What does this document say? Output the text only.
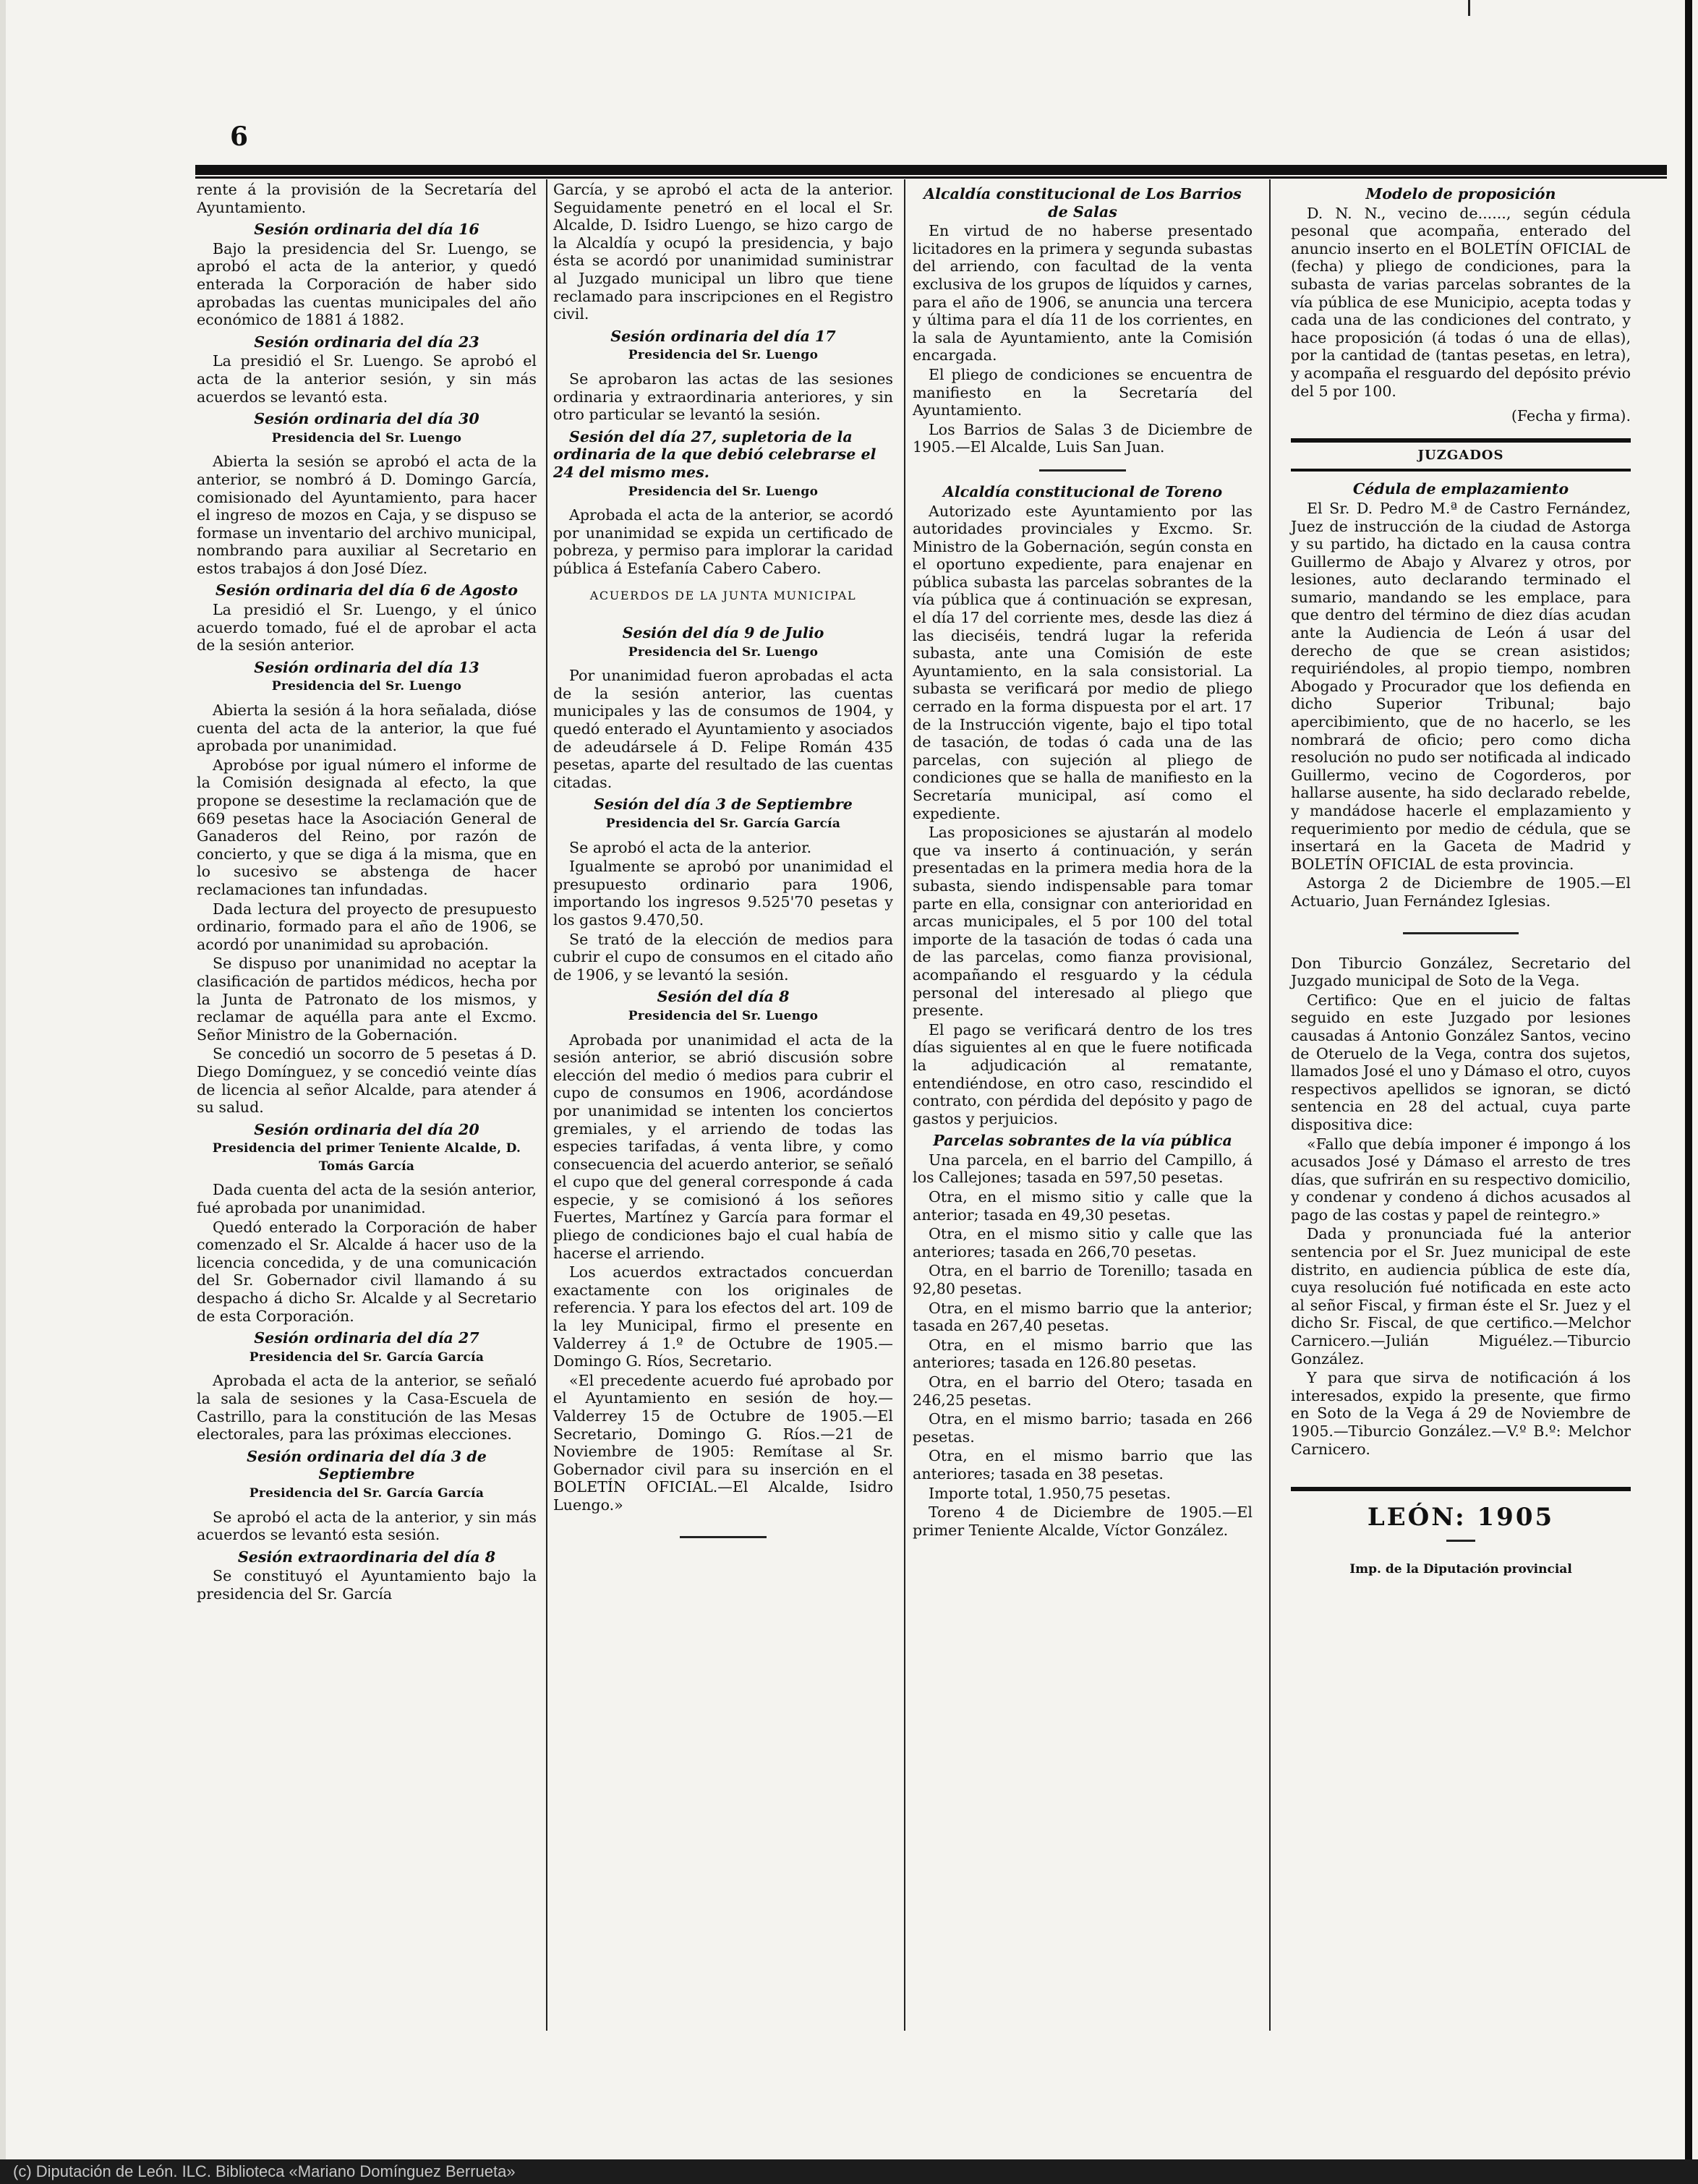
6

rente á la provisión de la Secretaría del Ayuntamiento.

Sesión ordinaria del día 16

Bajo la presidencia del Sr. Luengo, se aprobó el acta de la anterior, y quedó enterada la Corporación de haber sido aprobadas las cuentas municipales del año económico de 1881 á 1882.

Sesión ordinaria del día 23

La presidió el Sr. Luengo. Se aprobó el acta de la anterior sesión, y sin más acuerdos se levantó esta.

Sesión ordinaria del día 30
Presidencia del Sr. Luengo

Abierta la sesión se aprobó el acta de la anterior, se nombró á D. Domingo García, comisionado del Ayuntamiento, para hacer el ingreso de mozos en Caja, y se dispuso se formase un inventario del archivo municipal, nombrando para auxiliar al Secretario en estos trabajos á don José Díez.

Sesión ordinaria del día 6 de Agosto

La presidió el Sr. Luengo, y el único acuerdo tomado, fué el de aprobar el acta de la sesión anterior.

Sesión ordinaria del día 13
Presidencia del Sr. Luengo

Abierta la sesión á la hora señalada, dióse cuenta del acta de la anterior, la que fué aprobada por unanimidad.

Aprobóse por igual número el informe de la Comisión designada al efecto, la que propone se desestime la reclamación que de 669 pesetas hace la Asociación General de Ganaderos del Reino, por razón de concierto, y que se diga á la misma, que en lo sucesivo se abstenga de hacer reclamaciones tan infundadas.

Dada lectura del proyecto de presupuesto ordinario, formado para el año de 1906, se acordó por unanimidad su aprobación.

Se dispuso por unanimidad no aceptar la clasificación de partidos médicos, hecha por la Junta de Patronato de los mismos, y reclamar de aquélla para ante el Excmo. Señor Ministro de la Gobernación.

Se concedió un socorro de 5 pesetas á D. Diego Domínguez, y se concedió veinte días de licencia al señor Alcalde, para atender á su salud.

Sesión ordinaria del día 20
Presidencia del primer Teniente Alcalde, D. Tomás García

Dada cuenta del acta de la sesión anterior, fué aprobada por unanimidad.

Quedó enterado la Corporación de haber comenzado el Sr. Alcalde á hacer uso de la licencia concedida, y de una comunicación del Sr. Gobernador civil llamando á su despacho á dicho Sr. Alcalde y al Secretario de esta Corporación.

Sesión ordinaria del día 27
Presidencia del Sr. García García

Aprobada el acta de la anterior, se señaló la sala de sesiones y la Casa-Escuela de Castrillo, para la constitución de las Mesas electorales, para las próximas elecciones.

Sesión ordinaria del día 3 de Septiembre
Presidencia del Sr. García García

Se aprobó el acta de la anterior, y sin más acuerdos se levantó esta sesión.

Sesión extraordinaria del día 8

Se constituyó el Ayuntamiento bajo la presidencia del Sr. García

García, y se aprobó el acta de la anterior. Seguidamente penetró en el local el Sr. Alcalde, D. Isidro Luengo, se hizo cargo de la Alcaldía y ocupó la presidencia, y bajo ésta se acordó por unanimidad suministrar al Juzgado municipal un libro que tiene reclamado para inscripciones en el Registro civil.

Sesión ordinaria del día 17
Presidencia del Sr. Luengo

Se aprobaron las actas de las sesiones ordinaria y extraordinaria anteriores, y sin otro particular se levantó la sesión.

Sesión del día 27, supletoria de la ordinaria de la que debió celebrarse el 24 del mismo mes.
Presidencia del Sr. Luengo

Aprobada el acta de la anterior, se acordó por unanimidad se expida un certificado de pobreza, y permiso para implorar la caridad pública á Estefanía Cabero Cabero.

ACUERDOS DE LA JUNTA MUNICIPAL
Sesión del día 9 de Julio
Presidencia del Sr. Luengo

Por unanimidad fueron aprobadas el acta de la sesión anterior, las cuentas municipales y las de consumos de 1904, y quedó enterado el Ayuntamiento y asociados de adeudársele á D. Felipe Román 435 pesetas, aparte del resultado de las cuentas citadas.

Sesión del día 3 de Septiembre
Presidencia del Sr. García García

Se aprobó el acta de la anterior.

Igualmente se aprobó por unanimidad el presupuesto ordinario para 1906, importando los ingresos 9.525'70 pesetas y los gastos 9.470,50.

Se trató de la elección de medios para cubrir el cupo de consumos en el citado año de 1906, y se levantó la sesión.

Sesión del día 8
Presidencia del Sr. Luengo

Aprobada por unanimidad el acta de la sesión anterior, se abrió discusión sobre elección del medio ó medios para cubrir el cupo de consumos en 1906, acordándose por unanimidad se intenten los conciertos gremiales, y el arriendo de todas las especies tarifadas, á venta libre, y como consecuencia del acuerdo anterior, se señaló el cupo que del general corresponde á cada especie, y se comisionó á los señores Fuertes, Martínez y García para formar el pliego de condiciones bajo el cual había de hacerse el arriendo.

Los acuerdos extractados concuerdan exactamente con los originales de referencia. Y para los efectos del art. 109 de la ley Municipal, firmo el presente en Valderrey á 1.º de Octubre de 1905.—Domingo G. Ríos, Secretario.

«El precedente acuerdo fué aprobado por el Ayuntamiento en sesión de hoy.—Valderrey 15 de Octubre de 1905.—El Secretario, Domingo G. Ríos.—21 de Noviembre de 1905: Remítase al Sr. Gobernador civil para su inserción en el BOLETÍN OFICIAL.—El Alcalde, Isidro Luengo.»

Alcaldía constitucional de Los Barrios de Salas

En virtud de no haberse presentado licitadores en la primera y segunda subastas del arriendo, con facultad de la venta exclusiva de los grupos de líquidos y carnes, para el año de 1906, se anuncia una tercera y última para el día 11 de los corrientes, en la sala de Ayuntamiento, ante la Comisión encargada.

El pliego de condiciones se encuentra de manifiesto en la Secretaría del Ayuntamiento.

Los Barrios de Salas 3 de Diciembre de 1905.—El Alcalde, Luis San Juan.

Alcaldía constitucional de Toreno

Autorizado este Ayuntamiento por las autoridades provinciales y Excmo. Sr. Ministro de la Gobernación, según consta en el oportuno expediente, para enajenar en pública subasta las parcelas sobrantes de la vía pública que á continuación se expresan, el día 17 del corriente mes, desde las diez á las dieciséis, tendrá lugar la referida subasta, ante una Comisión de este Ayuntamiento, en la sala consistorial. La subasta se verificará por medio de pliego cerrado en la forma dispuesta por el art. 17 de la Instrucción vigente, bajo el tipo total de tasación, de todas ó cada una de las parcelas, con sujeción al pliego de condiciones que se halla de manifiesto en la Secretaría municipal, así como el expediente.

Las proposiciones se ajustarán al modelo que va inserto á continuación, y serán presentadas en la primera media hora de la subasta, siendo indispensable para tomar parte en ella, consignar con anterioridad en arcas municipales, el 5 por 100 del total importe de la tasación de todas ó cada una de las parcelas, como fianza provisional, acompañando el resguardo y la cédula personal del interesado al pliego que presente.

El pago se verificará dentro de los tres días siguientes al en que le fuere notificada la adjudicación al rematante, entendiéndose, en otro caso, rescindido el contrato, con pérdida del depósito y pago de gastos y perjuicios.

Parcelas sobrantes de la vía pública

Una parcela, en el barrio del Campillo, á los Callejones; tasada en 597,50 pesetas.

Otra, en el mismo sitio y calle que la anterior; tasada en 49,30 pesetas.

Otra, en el mismo sitio y calle que las anteriores; tasada en 266,70 pesetas.

Otra, en el barrio de Torenillo; tasada en 92,80 pesetas.

Otra, en el mismo barrio que la anterior; tasada en 267,40 pesetas.

Otra, en el mismo barrio que las anteriores; tasada en 126.80 pesetas.

Otra, en el barrio del Otero; tasada en 246,25 pesetas.

Otra, en el mismo barrio; tasada en 266 pesetas.

Otra, en el mismo barrio que las anteriores; tasada en 38 pesetas.

Importe total, 1.950,75 pesetas.

Toreno 4 de Diciembre de 1905.—El primer Teniente Alcalde, Víctor González.

Modelo de proposición

D. N. N., vecino de......, según cédula pesonal que acompaña, enterado del anuncio inserto en el BOLETÍN OFICIAL de (fecha) y pliego de condiciones, para la subasta de varias parcelas sobrantes de la vía pública de ese Municipio, acepta todas y cada una de las condiciones del contrato, y hace proposición (á todas ó una de ellas), por la cantidad de (tantas pesetas, en letra), y acompaña el resguardo del depósito prévio del 5 por 100.

(Fecha y firma).

JUZGADOS
Cédula de emplazamiento

El Sr. D. Pedro M.ª de Castro Fernández, Juez de instrucción de la ciudad de Astorga y su partido, ha dictado en la causa contra Guillermo de Abajo y Alvarez y otros, por lesiones, auto declarando terminado el sumario, mandando se les emplace, para que dentro del término de diez días acudan ante la Audiencia de León á usar del derecho de que se crean asistidos; requiriéndoles, al propio tiempo, nombren Abogado y Procurador que los defienda en dicho Superior Tribunal; bajo apercibimiento, que de no hacerlo, se les nombrará de oficio; pero como dicha resolución no pudo ser notificada al indicado Guillermo, vecino de Cogorderos, por hallarse ausente, ha sido declarado rebelde, y mandádose hacerle el emplazamiento y requerimiento por medio de cédula, que se insertará en la Gaceta de Madrid y BOLETÍN OFICIAL de esta provincia.

Astorga 2 de Diciembre de 1905.—El Actuario, Juan Fernández Iglesias.

Don Tiburcio González, Secretario del Juzgado municipal de Soto de la Vega.

Certifico: Que en el juicio de faltas seguido en este Juzgado por lesiones causadas á Antonio González Santos, vecino de Oteruelo de la Vega, contra dos sujetos, llamados José el uno y Dámaso el otro, cuyos respectivos apellidos se ignoran, se dictó sentencia en 28 del actual, cuya parte dispositiva dice:

«Fallo que debía imponer é impongo á los acusados José y Dámaso el arresto de tres días, que sufrirán en su respectivo domicilio, y condenar y condeno á dichos acusados al pago de las costas y papel de reintegro.»

Dada y pronunciada fué la anterior sentencia por el Sr. Juez municipal de este distrito, en audiencia pública de este día, cuya resolución fué notificada en este acto al señor Fiscal, y firman éste el Sr. Juez y el dicho Sr. Fiscal, de que certifico.—Melchor Carnicero.—Julián Miguélez.—Tiburcio González.

Y para que sirva de notificación á los interesados, expido la presente, que firmo en Soto de la Vega á 29 de Noviembre de 1905.—Tiburcio González.—V.º B.º: Melchor Carnicero.

LEÓN: 1905
Imp. de la Diputación provincial
(c) Diputación de León. ILC. Biblioteca «Mariano Domínguez Berrueta»
